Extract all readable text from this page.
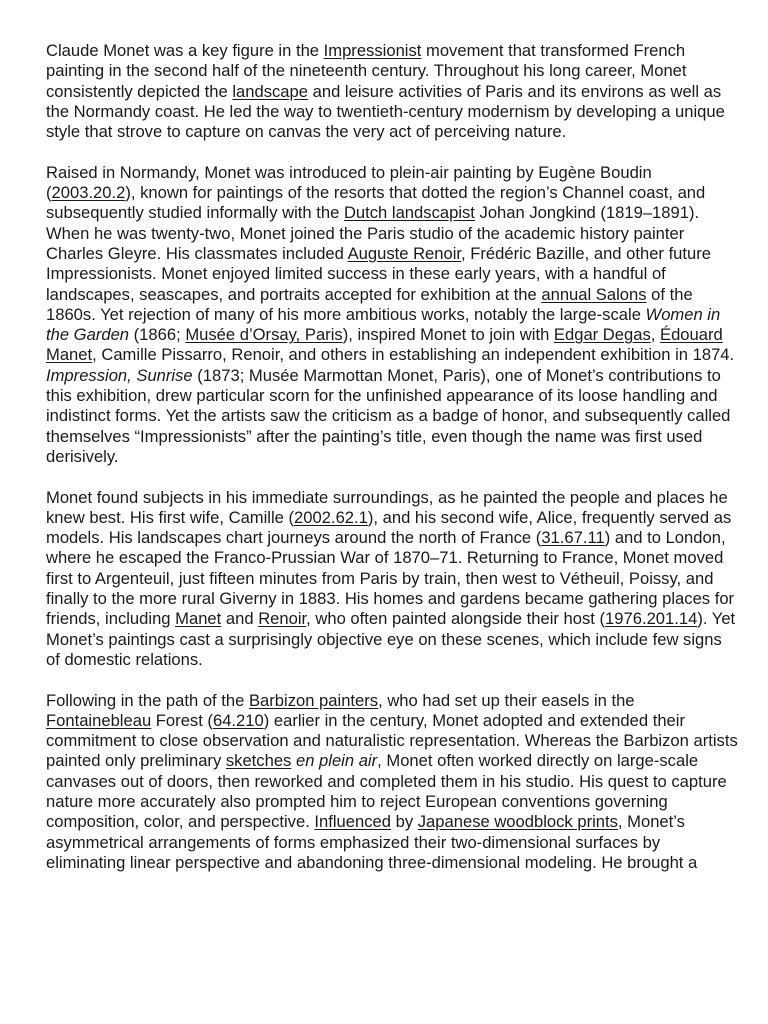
Claude Monet was a key figure in the Impressionist movement that transformed French painting in the second half of the nineteenth century. Throughout his long career, Monet consistently depicted the landscape and leisure activities of Paris and its environs as well as the Normandy coast. He led the way to twentieth-century modernism by developing a unique style that strove to capture on canvas the very act of perceiving nature.

Raised in Normandy, Monet was introduced to plein-air painting by Eugène Boudin (2003.20.2), known for paintings of the resorts that dotted the region’s Channel coast, and subsequently studied informally with the Dutch landscapist Johan Jongkind (1819–1891). When he was twenty-two, Monet joined the Paris studio of the academic history painter Charles Gleyre. His classmates included Auguste Renoir, Frédéric Bazille, and other future Impressionists. Monet enjoyed limited success in these early years, with a handful of landscapes, seascapes, and portraits accepted for exhibition at the annual Salons of the 1860s. Yet rejection of many of his more ambitious works, notably the large-scale Women in the Garden (1866; Musée d’Orsay, Paris), inspired Monet to join with Edgar Degas, Édouard Manet, Camille Pissarro, Renoir, and others in establishing an independent exhibition in 1874. Impression, Sunrise (1873; Musée Marmottan Monet, Paris), one of Monet’s contributions to this exhibition, drew particular scorn for the unfinished appearance of its loose handling and indistinct forms. Yet the artists saw the criticism as a badge of honor, and subsequently called themselves “Impressionists” after the painting’s title, even though the name was first used derisively.

Monet found subjects in his immediate surroundings, as he painted the people and places he knew best. His first wife, Camille (2002.62.1), and his second wife, Alice, frequently served as models. His landscapes chart journeys around the north of France (31.67.11) and to London, where he escaped the Franco-Prussian War of 1870–71. Returning to France, Monet moved first to Argenteuil, just fifteen minutes from Paris by train, then west to Vétheuil, Poissy, and finally to the more rural Giverny in 1883. His homes and gardens became gathering places for friends, including Manet and Renoir, who often painted alongside their host (1976.201.14). Yet Monet’s paintings cast a surprisingly objective eye on these scenes, which include few signs of domestic relations.

Following in the path of the Barbizon painters, who had set up their easels in the Fontainebleau Forest (64.210) earlier in the century, Monet adopted and extended their commitment to close observation and naturalistic representation. Whereas the Barbizon artists painted only preliminary sketches en plein air, Monet often worked directly on large-scale canvases out of doors, then reworked and completed them in his studio. His quest to capture nature more accurately also prompted him to reject European conventions governing composition, color, and perspective. Influenced by Japanese woodblock prints, Monet’s asymmetrical arrangements of forms emphasized their two-dimensional surfaces by eliminating linear perspective and abandoning three-dimensional modeling. He brought a
